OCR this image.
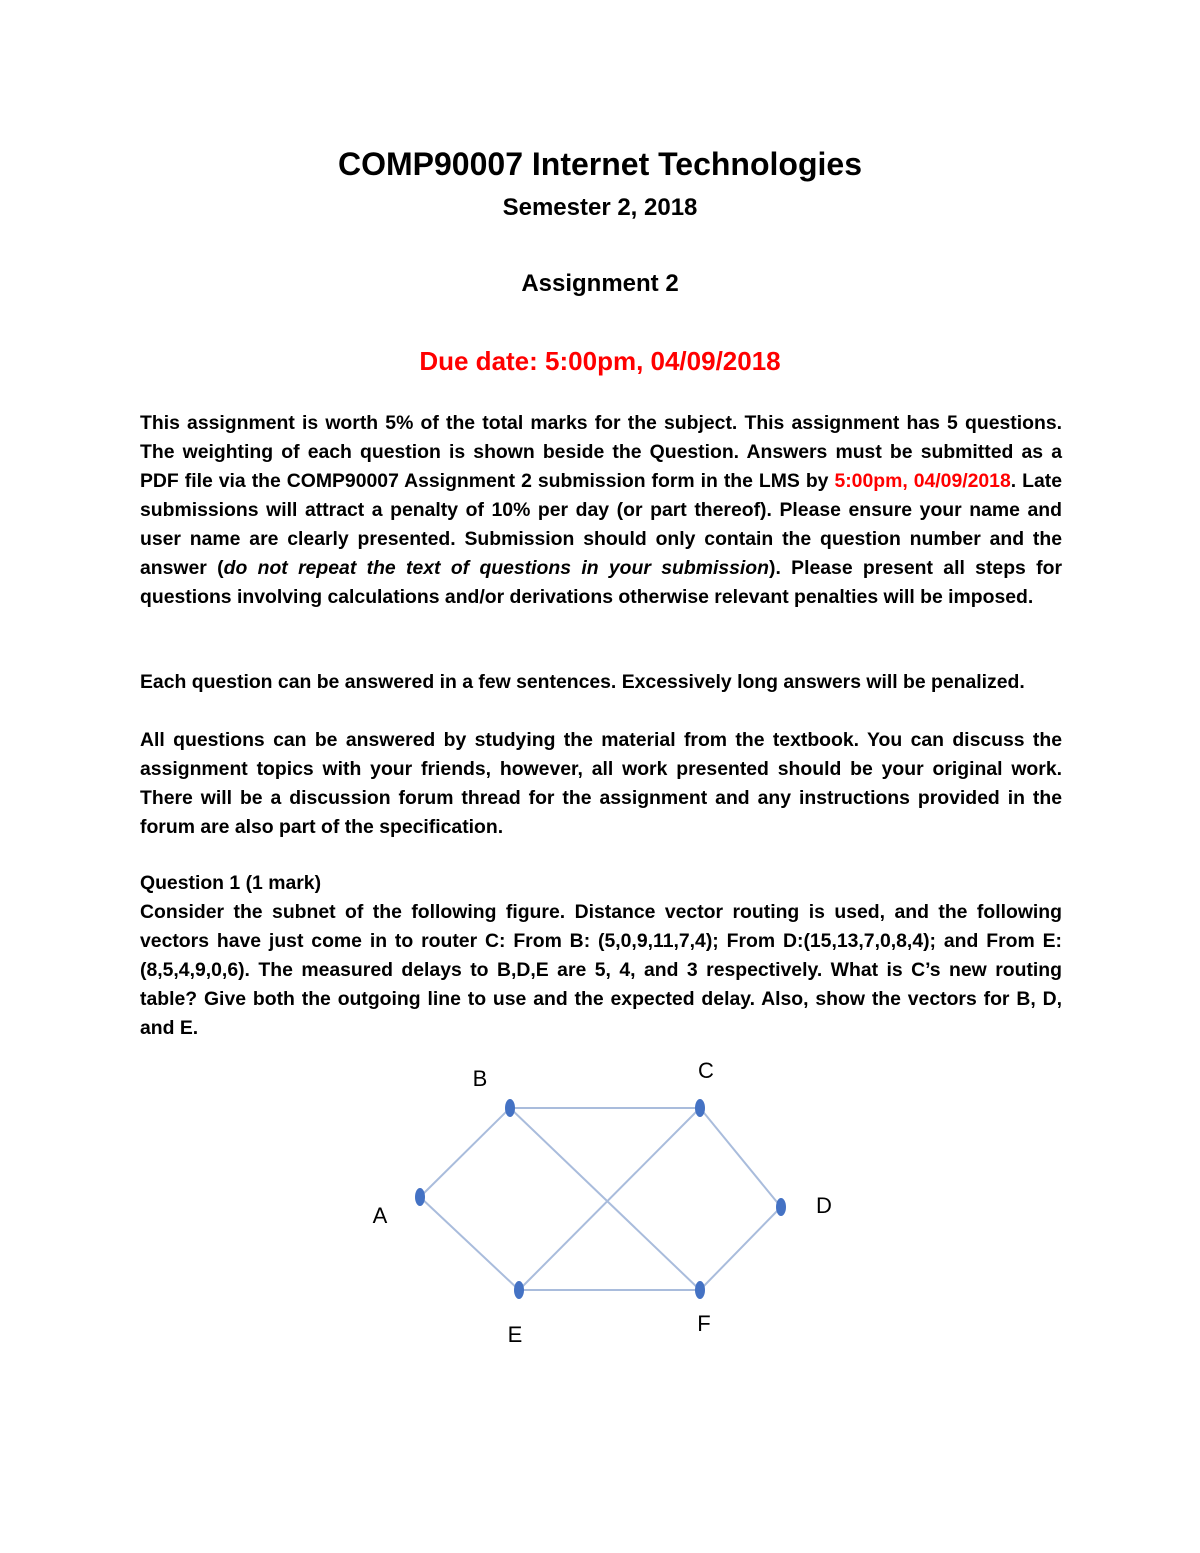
COMP90007 Internet Technologies
Semester 2, 2018
Assignment 2
Due date: 5:00pm, 04/09/2018
This assignment is worth 5% of the total marks for the subject. This assignment has 5 questions. The weighting of each question is shown beside the Question. Answers must be submitted as a PDF file via the COMP90007 Assignment 2 submission form in the LMS by 5:00pm, 04/09/2018. Late submissions will attract a penalty of 10% per day (or part thereof). Please ensure your name and user name are clearly presented. Submission should only contain the question number and the answer (do not repeat the text of questions in your submission). Please present all steps for questions involving calculations and/or derivations otherwise relevant penalties will be imposed.
Each question can be answered in a few sentences. Excessively long answers will be penalized.
All questions can be answered by studying the material from the textbook. You can discuss the assignment topics with your friends, however, all work presented should be your original work. There will be a discussion forum thread for the assignment and any instructions provided in the forum are also part of the specification.
Question 1 (1 mark)
Consider the subnet of the following figure. Distance vector routing is used, and the following vectors have just come in to router C: From B: (5,0,9,11,7,4); From D:(15,13,7,0,8,4); and From E: (8,5,4,9,0,6). The measured delays to B,D,E are 5, 4, and 3 respectively. What is C’s new routing table? Give both the outgoing line to use and the expected delay. Also, show the vectors for B, D, and E.
A
B	C
D
E	F
